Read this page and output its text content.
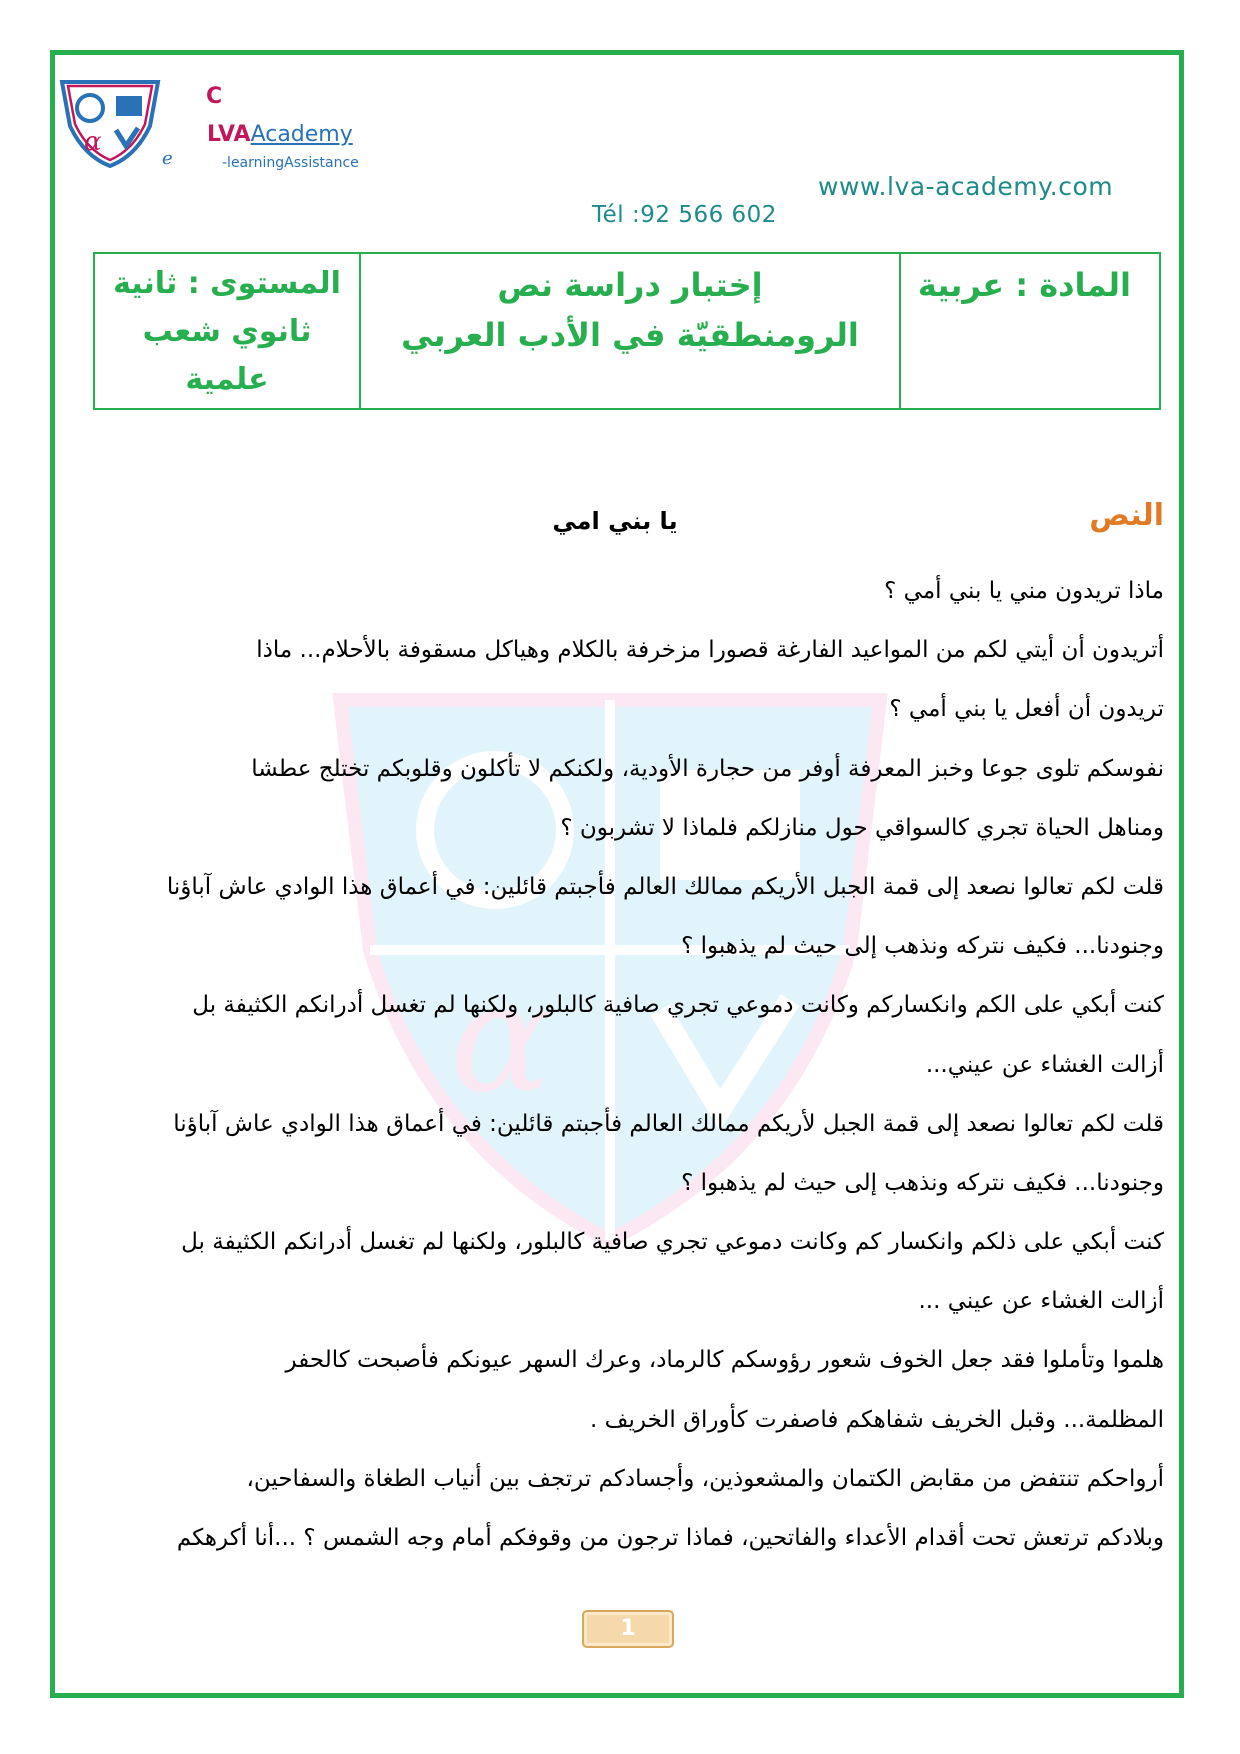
α
C
LVAAcademy
e	-learningAssistance
www.lva-academy.com
Tél :92 566 602
المستوى : ثانية
ثانوي شعب
علمية
إختبار دراسة نص
الرومنطقيّة في الأدب العربي
المادة : عربية
α
النص
يا بني امي
ماذا تريدون مني يا بني أمي ؟
أتريدون أن أيتي لكم من المواعيد الفارغة قصورا مزخرفة بالكلام وهياكل مسقوفة بالأحلام... ماذا
تريدون أن أفعل يا بني أمي ؟
نفوسكم تلوى جوعا وخبز المعرفة أوفر من حجارة الأودية، ولكنكم لا تأكلون وقلوبكم تختلج عطشا
ومناهل الحياة تجري كالسواقي حول منازلكم فلماذا لا تشربون ؟
قلت لكم تعالوا نصعد إلى قمة الجبل الأريكم ممالك العالم فأجبتم قائلين: في أعماق هذا الوادي عاش آباؤنا
وجنودنا... فكيف نتركه ونذهب إلى حيث لم يذهبوا ؟
كنت أبكي على الكم وانكساركم وكانت دموعي تجري صافية كالبلور، ولكنها لم تغسل أدرانكم الكثيفة بل
أزالت الغشاء عن عيني...
قلت لكم تعالوا نصعد إلى قمة الجبل لأريكم ممالك العالم فأجبتم قائلين: في أعماق هذا الوادي عاش آباؤنا
وجنودنا... فكيف نتركه ونذهب إلى حيث لم يذهبوا ؟
كنت أبكي على ذلكم وانكسار كم وكانت دموعي تجري صافية كالبلور، ولكنها لم تغسل أدرانكم الكثيفة بل
أزالت الغشاء عن عيني ...
هلموا وتأملوا فقد جعل الخوف شعور رؤوسكم كالرماد، وعرك السهر عيونكم فأصبحت كالحفر
المظلمة... وقبل الخريف شفاهكم فاصفرت كأوراق الخريف .
أرواحكم تنتفض من مقابض الكتمان والمشعوذين، وأجسادكم ترتجف بين أنياب الطغاة والسفاحين،
وبلادكم ترتعش تحت أقدام الأعداء والفاتحين، فماذا ترجون من وقوفكم أمام وجه الشمس ؟ ...أنا أكرهكم
1
